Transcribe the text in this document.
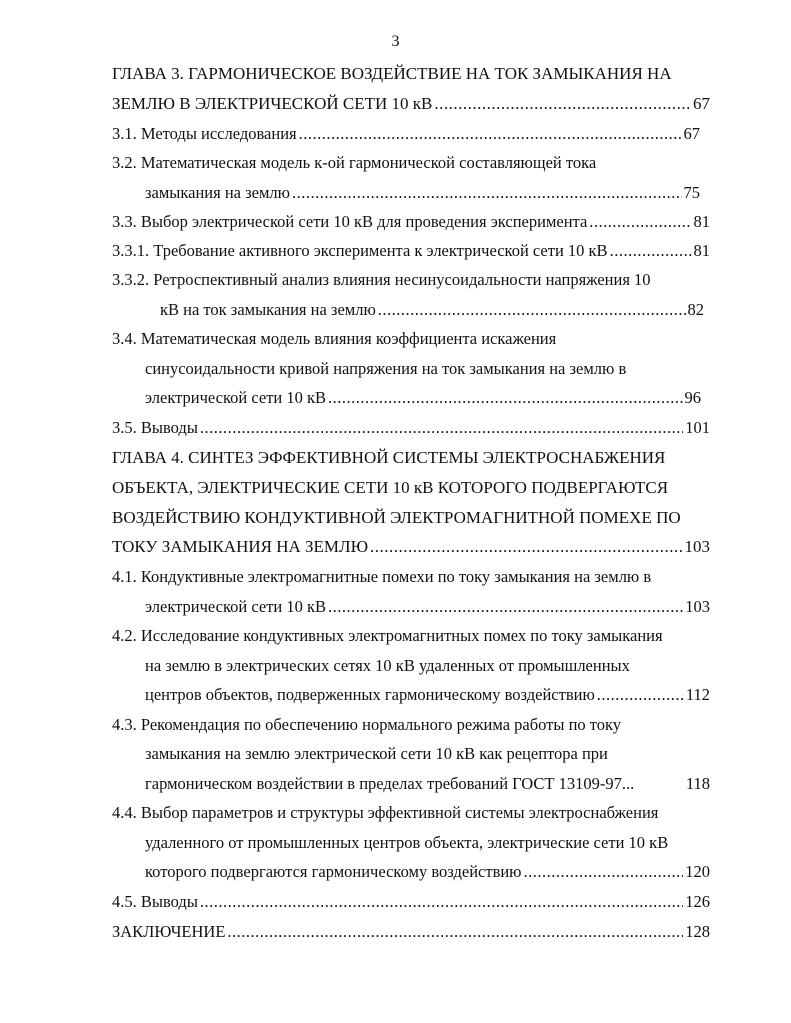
3
ГЛАВА 3. ГАРМОНИЧЕСКОЕ ВОЗДЕЙСТВИЕ НА ТОК ЗАМЫКАНИЯ НА
ЗЕМЛЮ В ЭЛЕКТРИЧЕСКОЙ СЕТИ 10 кВ .....	67
3.1. Методы исследования .....	67
3.2. Математическая модель к-ой гармонической составляющей тока
замыкания на землю .....	75
3.3. Выбор электрической сети 10 кВ для проведения эксперимента .....	81
3.3.1. Требование активного эксперимента к электрической сети 10 кВ .....	81
3.3.2. Ретроспективный анализ влияния несинусоидальности напряжения 10
кВ на ток замыкания на землю .....	82
3.4. Математическая модель влияния коэффициента искажения
синусоидальности кривой напряжения на ток замыкания на землю в
электрической сети 10 кВ .....	96
3.5. Выводы .....	101
ГЛАВА 4. СИНТЕЗ ЭФФЕКТИВНОЙ СИСТЕМЫ ЭЛЕКТРОСНАБЖЕНИЯ
ОБЪЕКТА, ЭЛЕКТРИЧЕСКИЕ СЕТИ 10 кВ КОТОРОГО ПОДВЕРГАЮТСЯ
ВОЗДЕЙСТВИЮ КОНДУКТИВНОЙ ЭЛЕКТРОМАГНИТНОЙ ПОМЕХЕ ПО
ТОКУ ЗАМЫКАНИЯ НА ЗЕМЛЮ .....	103
4.1. Кондуктивные электромагнитные помехи по току замыкания на землю в
электрической сети 10 кВ .....	103
4.2. Исследование кондуктивных электромагнитных помех по току замыкания
на землю в электрических сетях 10 кВ удаленных от промышленных
центров объектов, подверженных гармоническому воздействию .....	112
4.3. Рекомендация по обеспечению нормального режима работы по току
замыкания на землю электрической сети 10 кВ как рецептора при
гармоническом воздействии в пределах требований ГОСТ 13109-97...	118
4.4. Выбор параметров и структуры эффективной системы электроснабжения
удаленного от промышленных центров объекта, электрические сети 10 кВ
которого подвергаются гармоническому воздействию .....	120
4.5. Выводы .....	126
ЗАКЛЮЧЕНИЕ .....	128
